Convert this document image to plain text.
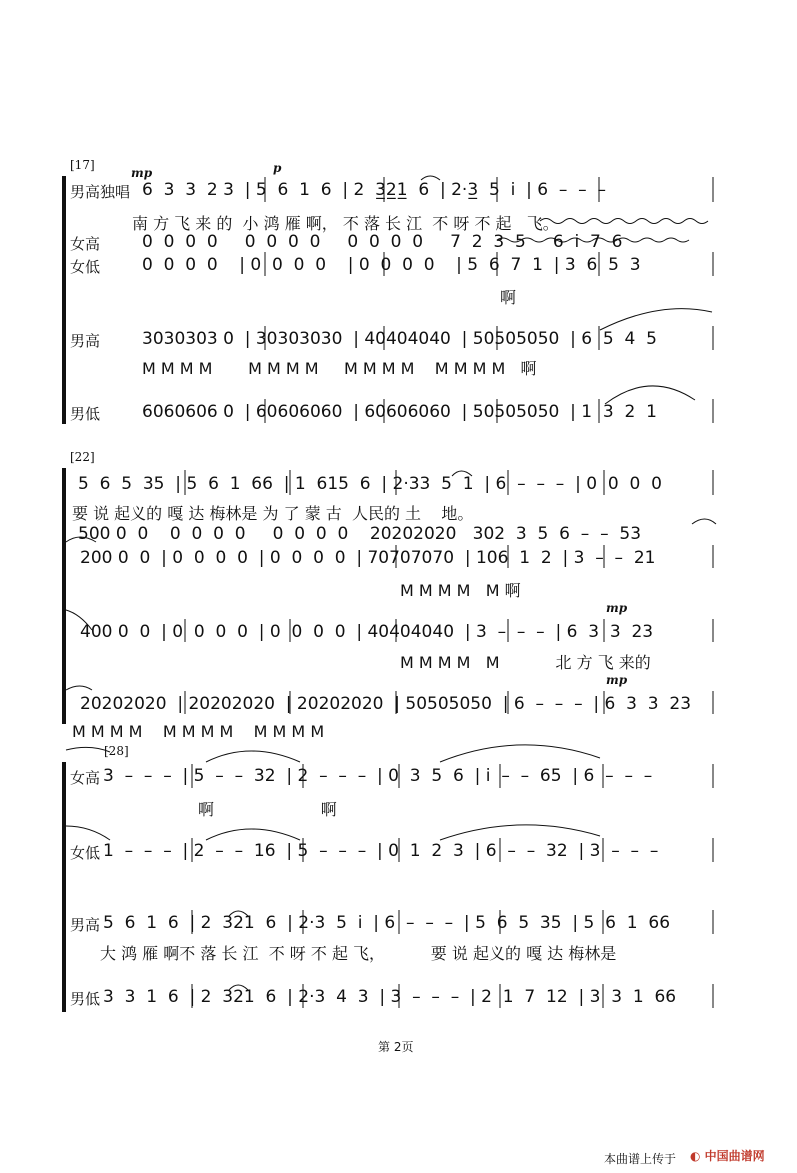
[17]
mp	p
男高独唱 6  3  3  2 3  | 5  6  1  6  | 2  3̲2̲1̲  6  | 2·3̲  5  i  | 6  –  –  –
南 方 飞 来 的  小 鸿 雁 啊， 不 落 长 江  不 呀 不 起   飞。
女高 0  0  0  0     0  0  0  0     0  0  0  0     7  2  3  5     6  i  7  6
女低 0  0  0  0    | 0  0  0  0    | 0  0  0  0    | 5  6  7  1  | 3  6  5  3
啊
男高 3030303 0  | 30303030  | 40404040  | 50505050  | 6  5  4  5
M M M M       M M M M     M M M M    M M M M   啊
男低 6060606 0  | 60606060  | 60606060  | 50505050  | 1  3  2  1
[22]
mp
mp
5  6  5  35  | 5  6  1  66  | 1  615  6  | 2·33  5  1  | 6  –  –  –  | 0  0  0  0
要 说 起义的 嘎 达 梅林是 为 了 蒙 古  人民的 土    地。
500 0  0    0  0  0  0     0  0  0  0    20202020   302  3  5  6  –  –  53
200 0  0  | 0  0  0  0  | 0  0  0  0  | 70707070  | 106  1  2  | 3  –  –  21
M M M M   M 啊
400 0  0  | 0  0  0  0  | 0  0  0  0  | 40404040  | 3  –  –  –  | 6  3  3  23
M M M M   M           北 方 飞 来的
20202020  | 20202020  | 20202020  | 50505050  | 6  –  –  –  | 6  3  3  23
M M M M    M M M M    M M M M
[28]
女高 3  –  –  –  | 5  –  –  32  | 2  –  –  –  | 0  3  5  6  | i  –  –  65  | 6  –  –  –
啊                     啊
女低 1  –  –  –  | 2  –  –  16  | 5  –  –  –  | 0  1  2  3  | 6  –  –  32  | 3  –  –  –
男高 5  6  1  6  | 2  321  6  | 2·3  5  i  | 6  –  –  –  | 5  6  5  35  | 5  6  1  66
大 鸿 雁 啊不 落 长 江  不 呀 不 起 飞，         要 说 起义的 嘎 达 梅林是
男低 3  3  1  6  | 2  321  6  | 2·3  4  3  | 3  –  –  –  | 2  1  7  12  | 3  3  1  66
第 2页
本曲谱上传于 ◐ 中国曲谱网
